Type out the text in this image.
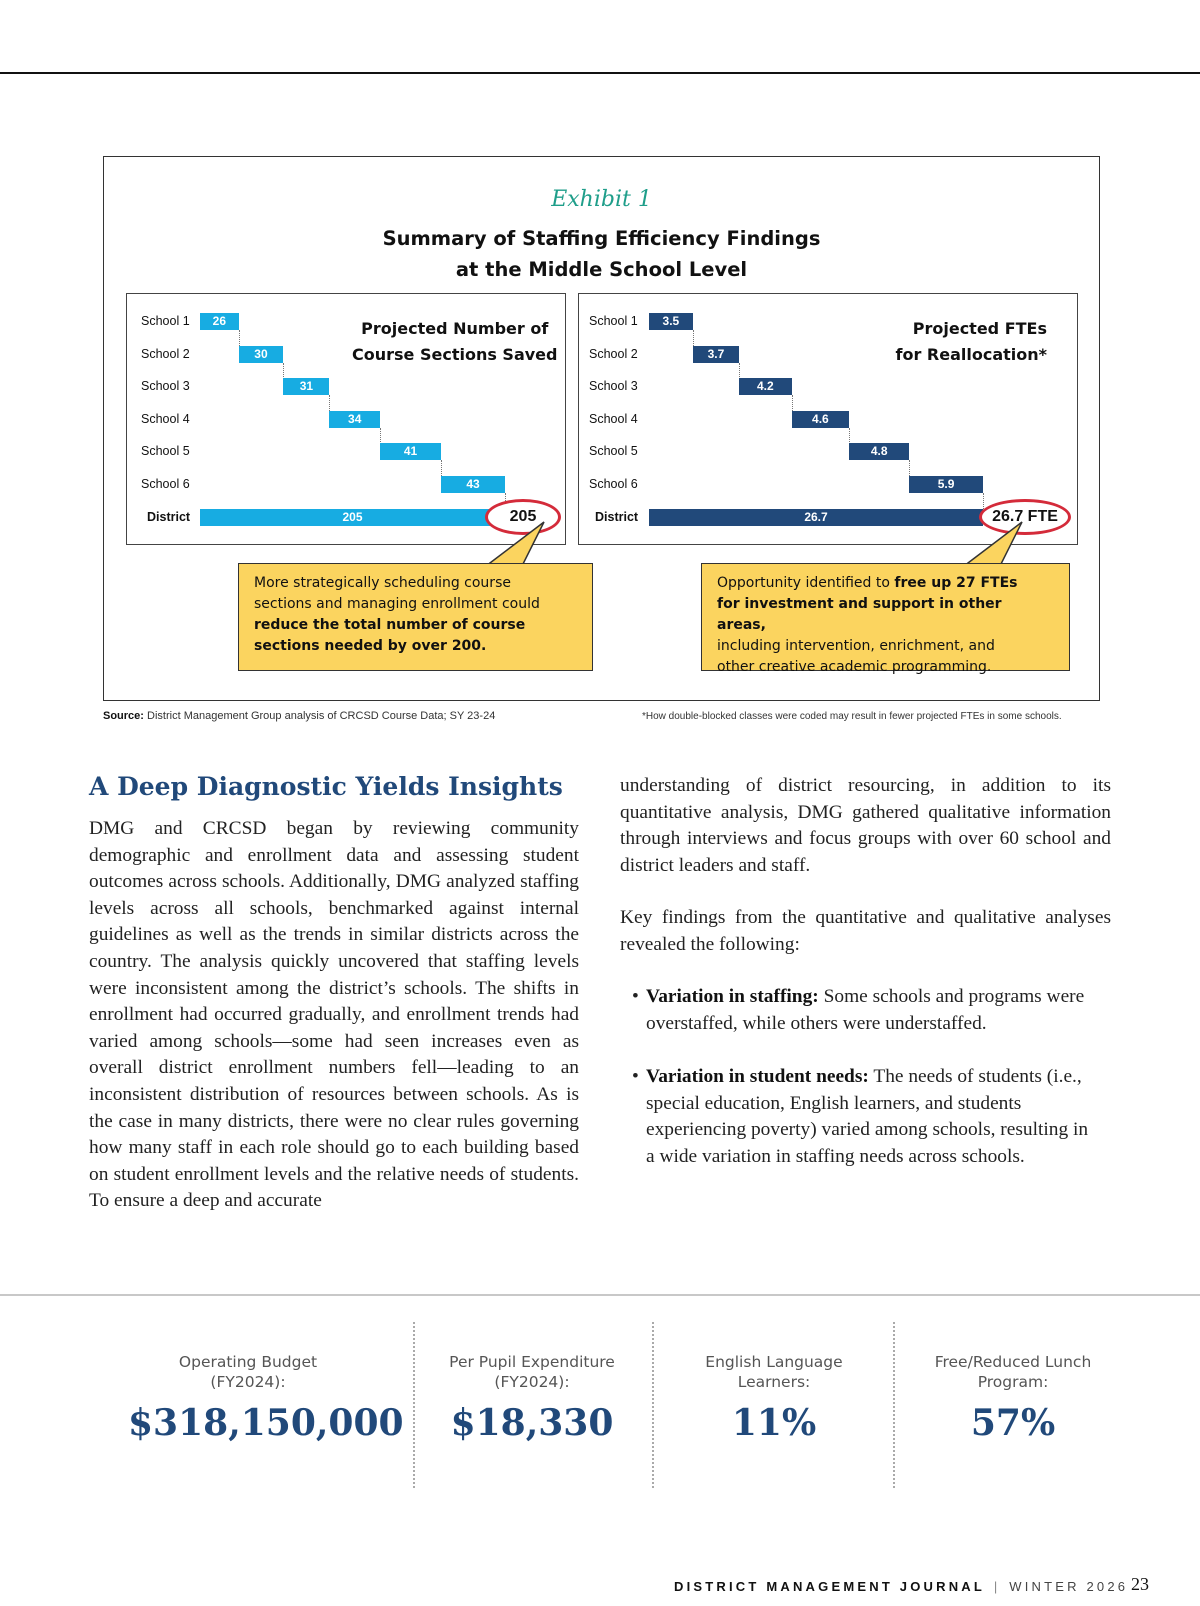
Exhibit 1
Summary of Staffing Efficiency Findings
at the Middle School Level
Projected Number of
Course Sections Saved
School 1	26
School 2	30
School 3	31
School 4	34
School 5	41
School 6	43
District	205	205
Projected FTEs
for Reallocation*
School 1	3.5
School 2	3.7
School 3	4.2
School 4	4.6
School 5	4.8
School 6	5.9
District	26.7	26.7 FTE
More strategically scheduling course
sections and managing enrollment could
reduce the total number of course
sections needed by over 200.
Opportunity identified to free up 27 FTEs
for investment and support in other areas,
including intervention, enrichment, and
other creative academic programming.
Source: District Management Group analysis of CRCSD Course Data; SY 23-24	*How double-blocked classes were coded may result in fewer projected FTEs in some schools.
A Deep Diagnostic Yields Insights

DMG and CRCSD began by reviewing community demographic and enrollment data and assessing student outcomes across schools. Additionally, DMG analyzed staffing levels across all schools, benchmarked against internal guidelines as well as the trends in similar districts across the country. The analysis quickly uncovered that staffing levels were inconsistent among the district’s schools. The shifts in enrollment had occurred gradually, and enrollment trends had varied among schools—some had seen increases even as overall district enrollment numbers fell—leading to an inconsistent distribution of resources between schools. As is the case in many districts, there were no clear rules governing how many staff in each role should go to each building based on student enrollment levels and the relative needs of students. To ensure a deep and accurate

understanding of district resourcing, in addition to its quantitative analysis, DMG gathered qualitative information through interviews and focus groups with over 60 school and district leaders and staff.

Key findings from the quantitative and qualitative analyses revealed the following:

• Variation in staffing: Some schools and programs were overstaffed, while others were understaffed.

• Variation in student needs: The needs of students (i.e., special education, English learners, and students experiencing poverty) varied among schools, resulting in a wide variation in staffing needs across schools.

Operating Budget
(FY2024):
$318,150,000
Per Pupil Expenditure
(FY2024):
$18,330
English Language
Learners:
11%
Free/Reduced Lunch
Program:
57%
DISTRICT MANAGEMENT JOURNAL | WINTER 2026 23
